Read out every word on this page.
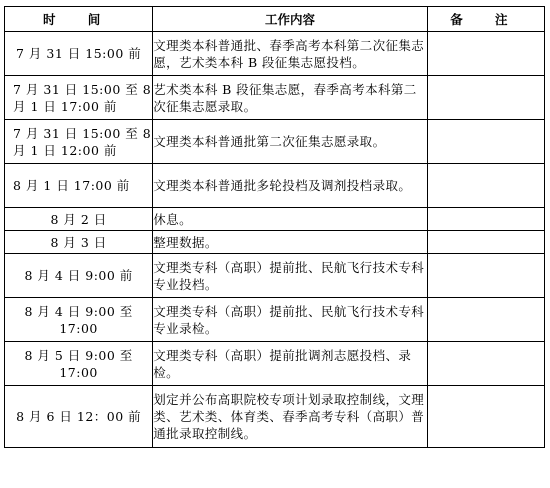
时 间	工作内容	备 注
7 月 31 日 15:00 前	文理类本科普通批、春季高考本科第二次征集志愿，艺术类本科 B 段征集志愿投档。	
7 月 31 日 15:00 至 8 月 1 日 17:00 前	艺术类本科 B 段征集志愿，春季高考本科第二次征集志愿录取。	
7 月 31 日 15:00 至 8 月 1 日 12:00 前	文理类本科普通批第二次征集志愿录取。	
8 月 1 日 17:00 前	文理类本科普通批多轮投档及调剂投档录取。	
8 月 2 日	休息。	
8 月 3 日	整理数据。	
8 月 4 日 9:00 前	文理类专科（高职）提前批、民航飞行技术专科专业投档。	
8 月 4 日 9:00 至 17:00	文理类专科（高职）提前批、民航飞行技术专科专业录检。	
8 月 5 日 9:00 至 17:00	文理类专科（高职）提前批调剂志愿投档、录检。	
8 月 6 日 12：00 前	划定并公布高职院校专项计划录取控制线，文理类、艺术类、体育类、春季高考专科（高职）普通批录取控制线。	
